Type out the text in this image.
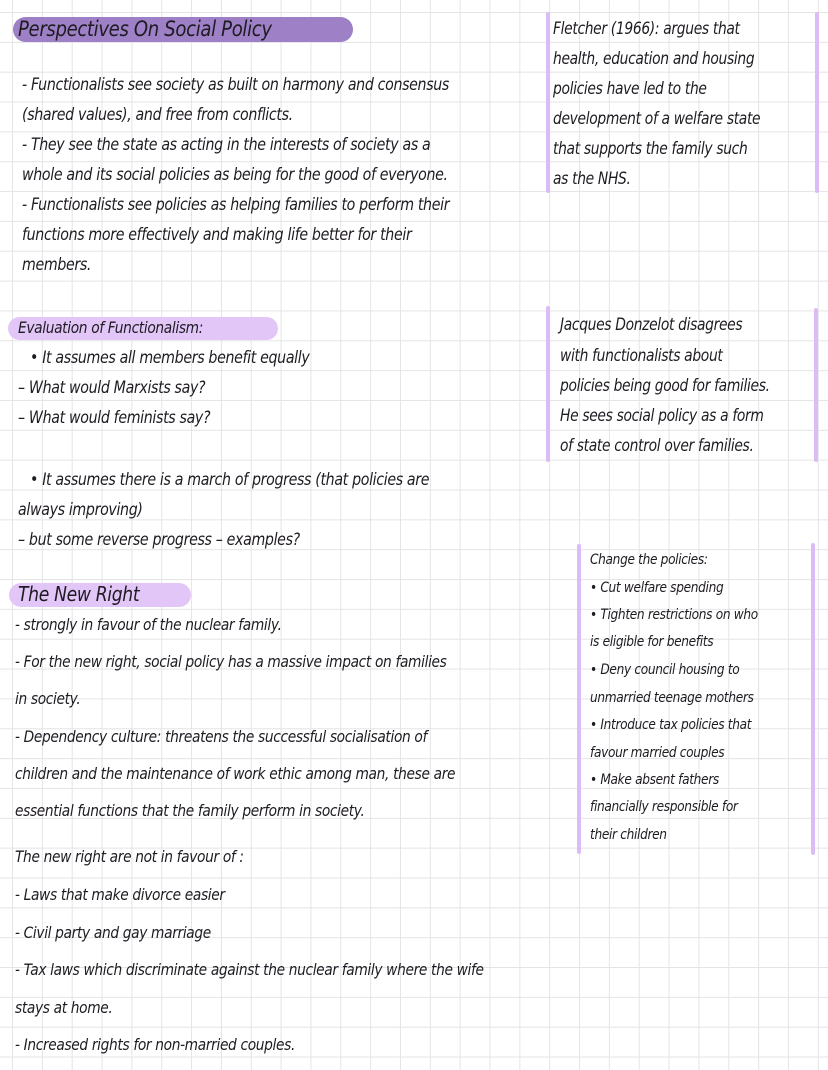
Perspectives On Social Policy
- Functionalists see society as built on harmony and consensus
(shared values), and free from conflicts.
- They see the state as acting in the interests of society as a
whole and its social policies as being for the good of everyone.
- Functionalists see policies as helping families to perform their
functions more effectively and making life better for their
members.
Fletcher (1966): argues that
health, education and housing
policies have led to the
development of a welfare state
that supports the family such
as the NHS.
Evaluation of Functionalism:
• It assumes all members benefit equally
– What would Marxists say?
– What would feminists say?
• It assumes there is a march of progress (that policies are
always improving)
– but some reverse progress – examples?
Jacques Donzelot disagrees
with functionalists about
policies being good for families.
He sees social policy as a form
of state control over families.
The New Right
- strongly in favour of the nuclear family.
- For the new right, social policy has a massive impact on families
in society.
- Dependency culture: threatens the successful socialisation of
children and the maintenance of work ethic among man, these are
essential functions that the family perform in society.
The new right are not in favour of :
- Laws that make divorce easier
- Civil party and gay marriage
- Tax laws which discriminate against the nuclear family where the wife
stays at home.
- Increased rights for non-married couples.
Change the policies:
• Cut welfare spending
• Tighten restrictions on who
is eligible for benefits
• Deny council housing to
unmarried teenage mothers
• Introduce tax policies that
favour married couples
• Make absent fathers
financially responsible for
their children
